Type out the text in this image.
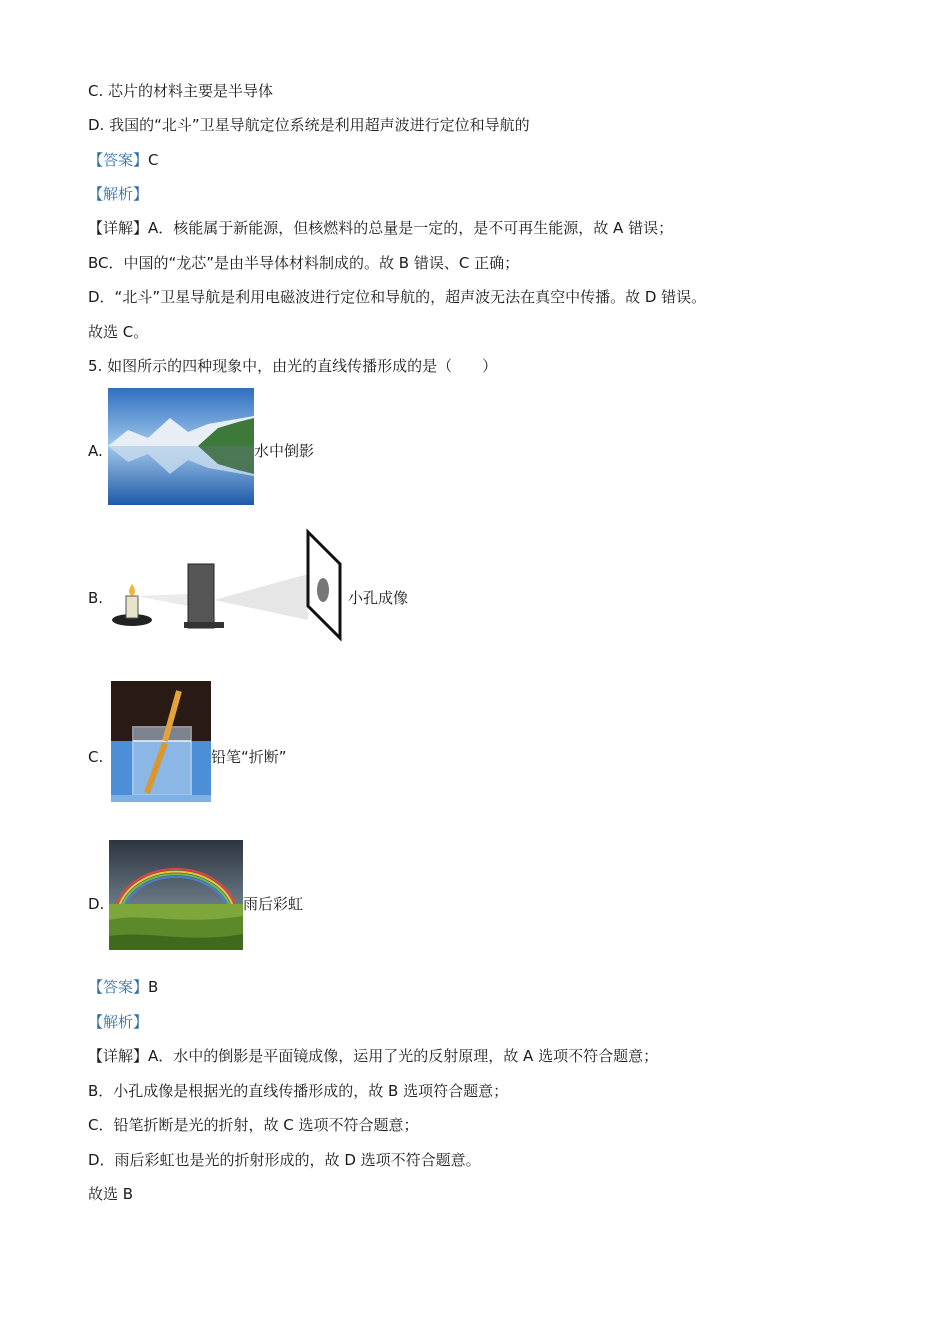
C. 芯片的材料主要是半导体
D. 我国的“北斗”卫星导航定位系统是利用超声波进行定位和导航的
【答案】C
【解析】
【详解】A．核能属于新能源，但核燃料的总量是一定的，是不可再生能源，故 A 错误；
BC．中国的“龙芯”是由半导体材料制成的。故 B 错误、C 正确；
D．“北斗”卫星导航是利用电磁波进行定位和导航的，超声波无法在真空中传播。故 D 错误。
故选 C。
5. 如图所示的四种现象中，由光的直线传播形成的是（　　）
A.	水中倒影
B.	小孔成像
C.	铅笔“折断”
D.	雨后彩虹
【答案】B
【解析】
【详解】A．水中的倒影是平面镜成像，运用了光的反射原理，故 A 选项不符合题意；
B．小孔成像是根据光的直线传播形成的，故 B 选项符合题意；
C．铅笔折断是光的折射，故 C 选项不符合题意；
D．雨后彩虹也是光的折射形成的，故 D 选项不符合题意。
故选 B
